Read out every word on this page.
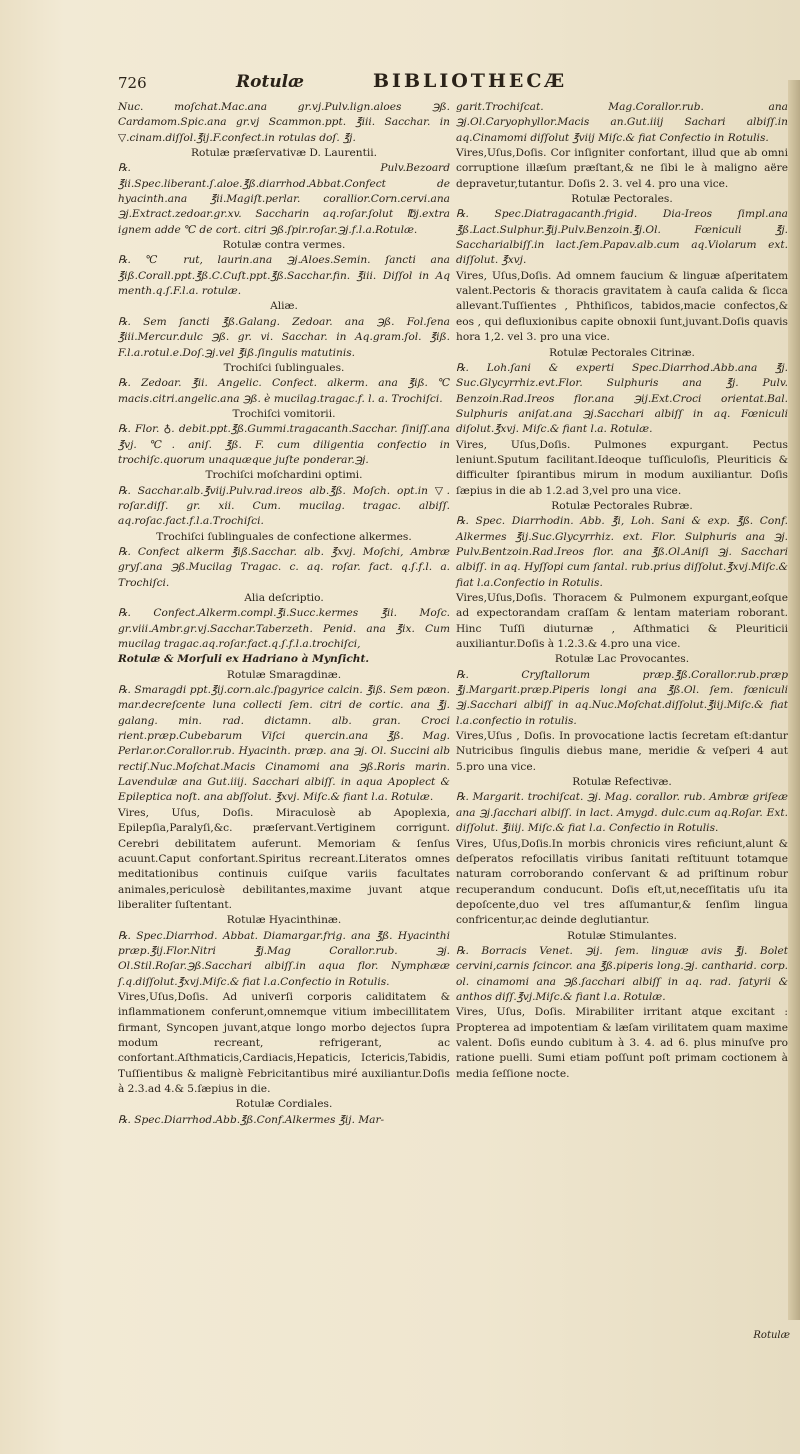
726	Rotulæ	BIBLIOTHECÆ

Nuc. moſchat.Mac.ana gr.vj.Pulv.lign.aloes ℈ß. Cardamom.Spic.ana gr.vj Scammon.ppt. ℥iii. Sacchar. in ▽.cinam.diſſol.℥ij.F.confect.in rotulas doſ. ℥j.

Rotulæ præſervativæ D. Laurentii.

℞. Pulv.Bezoard ℥ii.Spec.liberant.ſ.aloe.℥ß.diarrhod.Abbat.Confect de hyacinth.ana ℥ii.Magiſt.perlar. corallior.Corn.cervi.ana ℈j.Extract.zedoar.gr.xv. Saccharin aq.roſar.ſolut ℔j.extra ignem adde ℃ de cort. citri ℈ß.ſpir.roſar.℈j.f.l.a.Rotulæ.

Rotulæ contra vermes.

℞. ℃ rut, laurin.ana ℈j.Aloes.Semin. ſancti ana ℥iß.Corall.ppt.℥ß.C.Cuſt.ppt.℥ß.Sacchar.fin. ℥iii. Diſſol in Aq menth.q.ſ.F.l.a. rotulæ.

Aliæ.

℞. Sem ſancti ℥ß.Galang. Zedoar. ana ℈ß. Fol.ſena ℥iii.Mercur.dulc ℈ß. gr. vi. Sacchar. in Aq.gram.ſol. ℥iß. F.l.a.rotul.e.Doſ.℈j.vel ℥iß.ſingulis matutinis.

Trochiſci ſublinguales.

℞. Zedoar. ℥ii. Angelic. Confect. alkerm. ana ℥iß. ℃ macis.citri.angelic.ana ℈ß. è mucilag.tragac.f. l. a. Trochiſci.

Trochiſci vomitorii.

℞. Flor. ♁. debit.ppt.℥ß.Gummi.tragacanth.Sacchar. ſiniſſ.ana ℥vj. ℃. aniſ. ℥ß. F. cum diligentia confectio in trochiſc.quorum unaquæque juſte ponderar.℈j.

Trochiſci moſchardini optimi.

℞. Sacchar.alb.℥viij.Pulv.rad.ireos alb.℥ß. Moſch. opt.in ▽. roſar.diſſ. gr. xii. Cum. mucilag. tragac. albiſſ. aq.roſac.fact.f.l.a.Trochiſci.

Trochiſci ſublinguales de confectione alkermes.

℞. Confect alkerm ℥iß.Sacchar. alb. ℥xvj. Moſchi, Ambræ gryſ.ana ℈ß.Mucilag Tragac. c. aq. roſar. fact. q.ſ.f.l. a. Trochiſci.

Alia deſcriptio.

℞. Confect.Alkerm.compl.℥i.Succ.kermes ℥ii. Moſc. gr.viii.Ambr.gr.vj.Sacchar.Taberzeth. Penid. ana ℥ix. Cum mucilag tragac.aq.roſar.fact.q.ſ.f.l.a.trochiſci,

Rotulæ & Morſuli ex Hadriano à Mynſicht.

Rotulæ Smaragdinæ.

℞. Smaragdi ppt.℥ij.corn.alc.ſpagyrice calcin. ℥iß. Sem pæon. mar.decreſcente luna collecti ſem. citri de cortic. ana ℥j. galang. min. rad. dictamn. alb. gran. Croci rient.præp.Cubebarum Viſci quercin.ana ℥ß. Mag. Perlar.or.Corallor.rub. Hyacinth. præp. ana ℈j. Ol. Succini alb rectiſ.Nuc.Moſchat.Macis Cinamomi ana ℈ß.Roris marin. Lavendulæ ana Gut.iiij. Sacchari albiſſ. in aqua Apoplect & Epileptica noſt. ana abſſolut. ℥xvj. Miſc.& fiant l.a. Rotulæ.

Vires, Uſus, Doſis. Miraculosè ab Apoplexia, Epilepſia,Paralyſi,&c. præſervant.Vertiginem corrigunt. Cerebri debilitatem auferunt. Memoriam & ſenſus acuunt.Caput confortant.Spiritus recreant.Literatos omnes meditationibus continuis cuiſque variis facultates animales,periculosè debilitantes,maxime juvant atque liberaliter ſuſtentant.

Rotulæ Hyacinthinæ.

℞. Spec.Diarrhod. Abbat. Diamargar.frig. ana ℥ß. Hyacinthi præp.℥ij.Flor.Nitri ℥j.Mag Corallor.rub. ℈j. Ol.Stil.Roſar.℈ß.Sacchari albiſſ.in aqua flor. Nymphææ ſ.q.diſſolut.℥xvj.Miſc.& fiat l.a.Confectio in Rotulis.

Vires,Uſus,Doſis. Ad univerſi corporis caliditatem & inflammationem conferunt,omnemque vitium imbecillitatem firmant, Syncopen juvant,atque longo morbo dejectos ſupra modum recreant, refrigerant, ac confortant.Aſthmaticis,Cardiacis,Hepaticis, Ictericis,Tabidis, Tuſſientibus & malignè Febricitantibus miré auxiliantur.Doſis à 2.3.ad 4.& 5.ſæpius in die.

Rotulæ Cordiales.

℞. Spec.Diarrhod.Abb.℥ß.Conf.Alkermes ℥ij. Mar-

garit.Trochiſcat. Mag.Corallor.rub. ana ℈j.Ol.Caryophyllor.Macis an.Gut.iiij Sachari albiſſ.in aq.Cinamomi diſſolut ℥viij Miſc.& fiat Confectio in Rotulis.

Vires,Uſus,Doſis. Cor inſigniter confortant, illud que ab omni corruptione illæſum præſtant,& ne ſibi le à maligno aëre depravetur,tutantur. Doſis 2. 3. vel 4. pro una vice.

Rotulæ Pectorales.

℞. Spec.Diatragacanth.frigid. Dia-Ireos ſimpl.ana ℥ß.Lact.Sulphur.℥ij.Pulv.Benzoin.℥j.Ol. Fœniculi ℥j. Saccharialbiſſ.in lact.ſem.Papav.alb.cum aq.Violarum ext. diſſolut. ℥xvj.

Vires, Uſus,Doſis. Ad omnem faucium & linguæ aſperitatem valent.Pectoris & thoracis gravitatem à cauſa calida & ſicca allevant.Tuſſientes , Phthiſicos, tabidos,macie confectos,& eos , qui defluxionibus capite obnoxii ſunt,juvant.Doſis quavis hora 1,2. vel 3. pro una vice.

Rotulæ Pectorales Citrinæ.

℞. Loh.ſani & experti Spec.Diarrhod.Abb.ana ℥j. Suc.Glycyrrhiz.evt.Flor. Sulphuris ana ℥j. Pulv. Benzoin.Rad.Ireos flor.ana ℈ij.Ext.Croci orientat.Bal. Sulphuris aniſat.ana ℈j.Sacchari albiſſ in aq. Fœniculi diſolut.℥xvj. Miſc.& fiant l.a. Rotulæ.

Vires, Uſus,Doſis. Pulmones expurgant. Pectus leniunt.Sputum facilitant.Ideoque tuſſiculoſis, Pleuriticis & difficulter ſpirantibus mirum in modum auxiliantur. Doſis ſæpius in die ab 1.2.ad 3,vel pro una vice.

Rotulæ Pectorales Rubræ.

℞. Spec. Diarrhodin. Abb. ℥i, Loh. Sani & exp. ℥ß. Conf. Alkermes ℥ij.Suc.Glycyrrhiz. ext. Flor. Sulphuris ana ℈j. Pulv.Bentzoin.Rad.Ireos flor. ana ℥ß.Ol.Aniſi ℈j. Sacchari albiſſ. in aq. Hyſſopi cum ſantal. rub.prius diſſolut.℥xvj.Miſc.& fiat l.a.Confectio in Rotulis.

Vires,Uſus,Doſis. Thoracem & Pulmonem expurgant,eoſque ad expectorandam craſſam & lentam materiam roborant. Hinc Tuſſi diuturnæ , Aſthmatici & Pleuriticii auxiliantur.Doſis à 1.2.3.& 4.pro una vice.

Rotulæ Lac Provocantes.

℞. Cryſtallorum præp.℥ß.Corallor.rub.præp ℥j.Margarit.præp.Piperis longi ana ℥ß.Ol. ſem. fœniculi ℈j.Sacchari albiſſ in aq.Nuc.Moſchat.diſſolut.℥iij.Miſc.& fiat l.a.confectio in rotulis.

Vires,Uſus , Doſis. In provocatione lactis ſecretam eſt:dantur Nutricibus ſingulis diebus mane, meridie & veſperi 4 aut 5.pro una vice.

Rotulæ Refectivæ.

℞. Margarit. trochiſcat. ℈j. Mag. corallor. rub. Ambræ griſeæ ana ℈j.ſacchari albiſſ. in lact. Amygd. dulc.cum aq.Roſar. Ext. diſſolut. ℥iiij. Miſc.& fiat l.a. Confectio in Rotulis.

Vires, Uſus,Doſis.In morbis chronicis vires reficiunt,alunt & deſperatos refocillatis viribus ſanitati reſtituunt totamque naturam corroborando conſervant & ad priſtinum robur recuperandum conducunt. Doſis eſt,ut,neceſſitatis uſu ita depoſcente,duo vel tres aſſumantur,& ſenſim lingua confricentur,ac deinde deglutiantur.

Rotulæ Stimulantes.

℞. Borracis Venet. ℈ij. ſem. linguæ avis ℥j. Bolet cervini,carnis ſcincor. ana ℥ß.piperis long.℈j. cantharid. corp. ol. cinamomi ana ℈ß.ſacchari albiſſ in aq. rad. ſatyrii & anthos diſſ.℥vj.Miſc.& fiant l.a. Rotulæ.

Vires, Uſus, Doſis. Mirabiliter irritant atque excitant : Propterea ad impotentiam & læſam virilitatem quam maxime valent. Doſis eundo cubitum à 3. 4. ad 6. plus minuſve pro ratione puelli. Sumi etiam poſſunt poſt primam coctionem à media ſeſſione nocte.

Rotulæ
